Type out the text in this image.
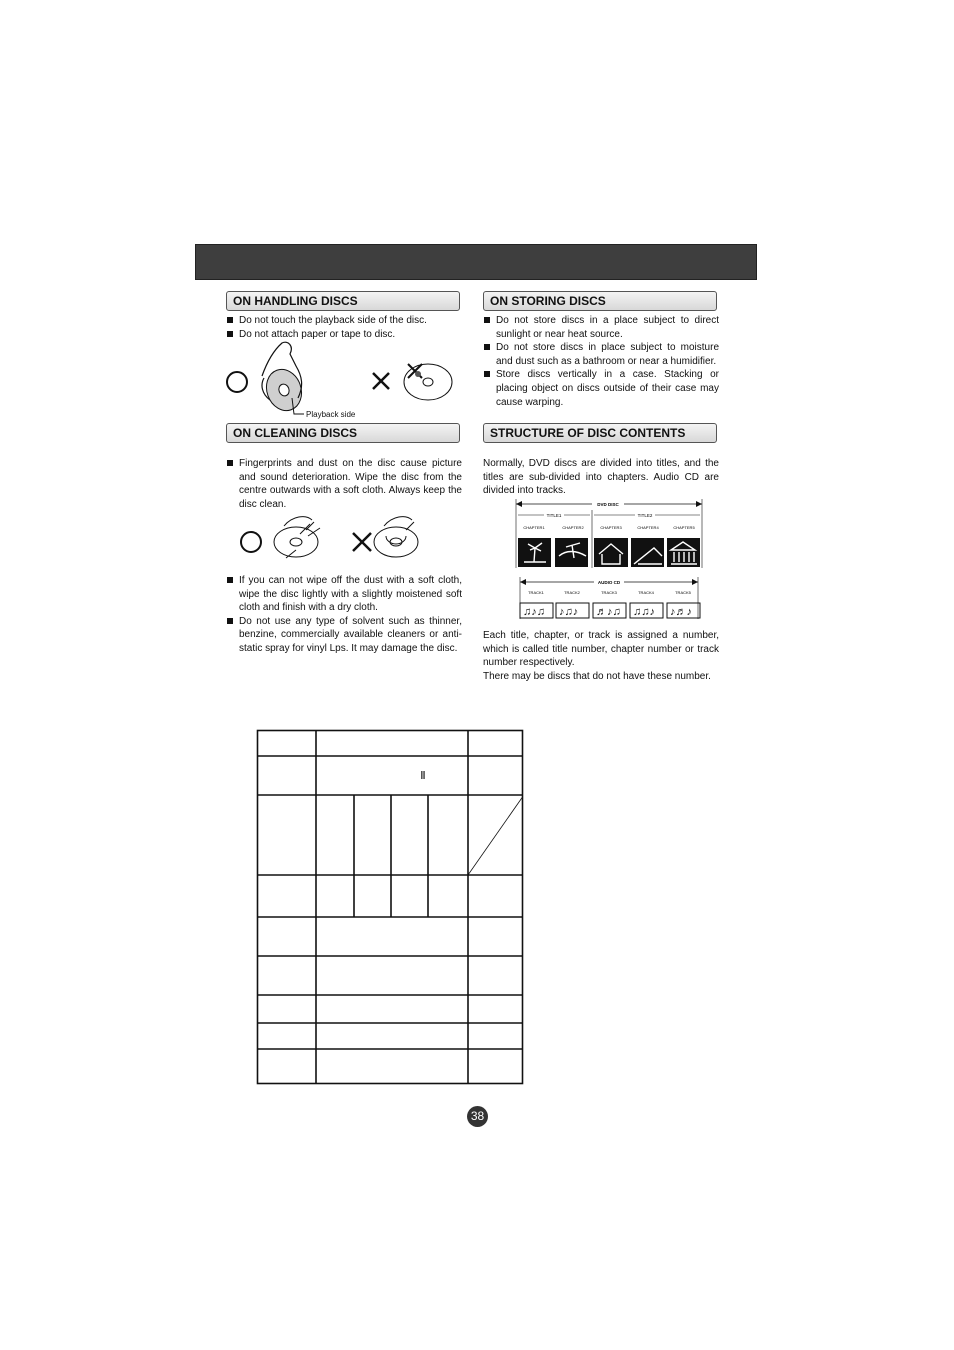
ON HANDLING DISCS
Do not touch the playback side of the disc.
Do not attach paper or tape to disc.
Playback side
ON CLEANING DISCS
Fingerprints and dust on the disc cause picture and sound deterioration. Wipe the disc from the centre outwards with a soft cloth. Always keep the disc clean.
If you can not wipe off the dust with a soft cloth, wipe the disc lightly with a slightly moistened soft cloth and finish with a dry cloth.
Do not use any type of solvent such as thinner, benzine, commercially available cleaners or anti-static spray for vinyl Lps. It may damage the disc.
ON STORING DISCS
Do not store discs in a place subject to direct sunlight or near heat source.
Do not store discs in place subject to moisture and dust such as a bathroom or near a humidifier.
Store discs vertically in a case. Stacking or placing object on discs outside of their case may cause warping.
STRUCTURE OF DISC CONTENTS
Normally, DVD discs are divided into titles, and the titles are sub-divided into chapters. Audio CD are divided into tracks.
DVD DISC
TITLE1	TITLE2
CHAPTER1	CHAPTER2	CHAPTER3	CHAPTER4	CHAPTER5
AUDIO CD
TRACK1	TRACK2	TRACK3	TRACK4	TRACK5
♫♪♫ ♪♫♪ ♬♪♫ ♫♫♪ ♪♬♪
Each title, chapter, or track is assigned a number, which is called title number, chapter number or track number respectively.
There may be discs that do not have these number.
Ⅱ
38
